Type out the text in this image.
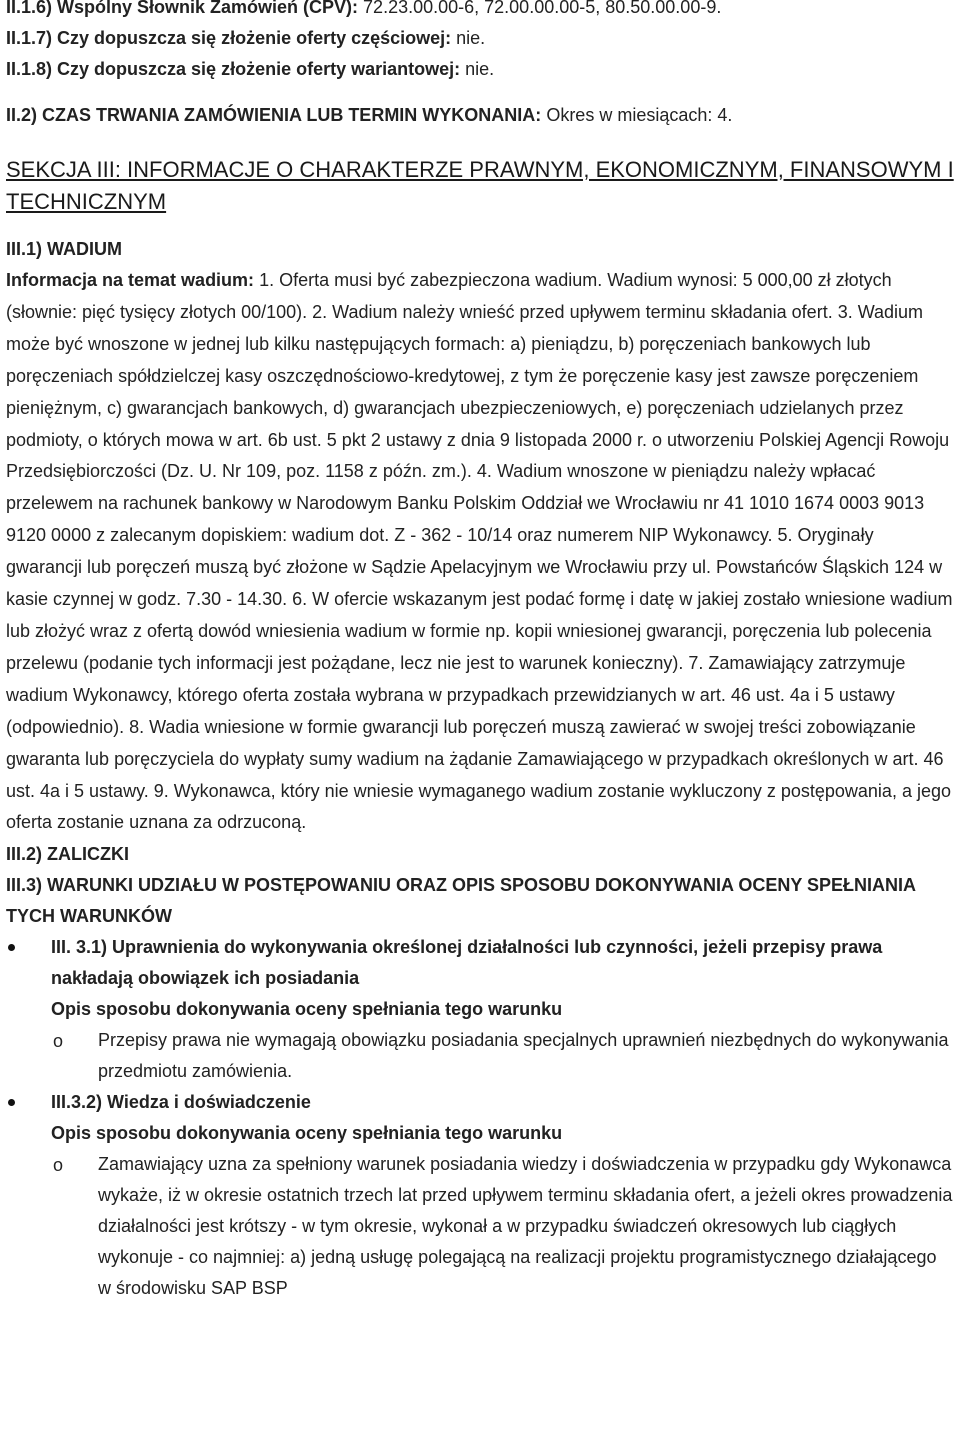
II.1.6) Wspólny Słownik Zamówień (CPV): 72.23.00.00-6, 72.00.00.00-5, 80.50.00.00-9.

II.1.7) Czy dopuszcza się złożenie oferty częściowej: nie.

II.1.8) Czy dopuszcza się złożenie oferty wariantowej: nie.

II.2) CZAS TRWANIA ZAMÓWIENIA LUB TERMIN WYKONANIA: Okres w miesiącach: 4.

SEKCJA III: INFORMACJE O CHARAKTERZE PRAWNYM, EKONOMICZNYM, FINANSOWYM I TECHNICZNYM

III.1) WADIUM

Informacja na temat wadium: 1. Oferta musi być zabezpieczona wadium. Wadium wynosi: 5 000,00 zł złotych (słownie: pięć tysięcy złotych 00/100). 2. Wadium należy wnieść przed upływem terminu składania ofert. 3. Wadium może być wnoszone w jednej lub kilku następujących formach: a) pieniądzu, b) poręczeniach bankowych lub poręczeniach spółdzielczej kasy oszczędnościowo-kredytowej, z tym że poręczenie kasy jest zawsze poręczeniem pieniężnym, c) gwarancjach bankowych, d) gwarancjach ubezpieczeniowych, e) poręczeniach udzielanych przez podmioty, o których mowa w art. 6b ust. 5 pkt 2 ustawy z dnia 9 listopada 2000 r. o utworzeniu Polskiej Agencji Rowoju Przedsiębiorczości (Dz. U. Nr 109, poz. 1158 z późn. zm.). 4. Wadium wnoszone w pieniądzu należy wpłacać przelewem na rachunek bankowy w Narodowym Banku Polskim Oddział we Wrocławiu nr 41 1010 1674 0003 9013 9120 0000 z zalecanym dopiskiem: wadium dot. Z - 362 - 10/14 oraz numerem NIP Wykonawcy. 5. Oryginały gwarancji lub poręczeń muszą być złożone w Sądzie Apelacyjnym we Wrocławiu przy ul. Powstańców Śląskich 124 w kasie czynnej w godz. 7.30 - 14.30. 6. W ofercie wskazanym jest podać formę i datę w jakiej zostało wniesione wadium lub złożyć wraz z ofertą dowód wniesienia wadium w formie np. kopii wniesionej gwarancji, poręczenia lub polecenia przelewu (podanie tych informacji jest pożądane, lecz nie jest to warunek konieczny). 7. Zamawiający zatrzymuje wadium Wykonawcy, którego oferta została wybrana w przypadkach przewidzianych w art. 46 ust. 4a i 5 ustawy (odpowiednio). 8. Wadia wniesione w formie gwarancji lub poręczeń muszą zawierać w swojej treści zobowiązanie gwaranta lub poręczyciela do wypłaty sumy wadium na żądanie Zamawiającego w przypadkach określonych w art. 46 ust. 4a i 5 ustawy. 9. Wykonawca, który nie wniesie wymaganego wadium zostanie wykluczony z postępowania, a jego oferta zostanie uznana za odrzuconą.

III.2) ZALICZKI

III.3) WARUNKI UDZIAŁU W POSTĘPOWANIU ORAZ OPIS SPOSOBU DOKONYWANIA OCENY SPEŁNIANIA TYCH WARUNKÓW

III. 3.1) Uprawnienia do wykonywania określonej działalności lub czynności, jeżeli przepisy prawa nakładają obowiązek ich posiadania

Opis sposobu dokonywania oceny spełniania tego warunku

o Przepisy prawa nie wymagają obowiązku posiadania specjalnych uprawnień niezbędnych do wykonywania przedmiotu zamówienia.

III.3.2) Wiedza i doświadczenie

Opis sposobu dokonywania oceny spełniania tego warunku

o Zamawiający uzna za spełniony warunek posiadania wiedzy i doświadczenia w przypadku gdy Wykonawca wykaże, iż w okresie ostatnich trzech lat przed upływem terminu składania ofert, a jeżeli okres prowadzenia działalności jest krótszy - w tym okresie, wykonał a w przypadku świadczeń okresowych lub ciągłych wykonuje - co najmniej: a) jedną usługę polegającą na realizacji projektu programistycznego działającego w środowisku SAP BSP
